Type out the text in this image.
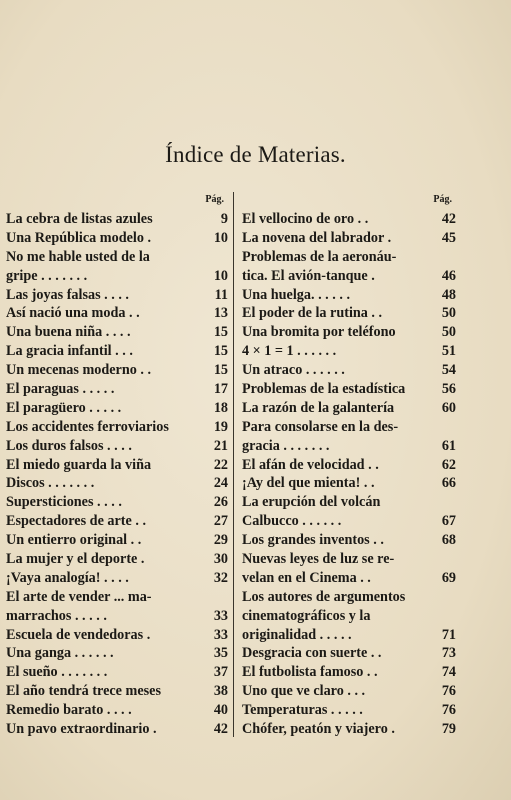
Índice de Materias.
Pág.
La cebra de listas azules	9
Una República modelo .	10
No me hable usted de la
gripe . . . . . . .	10
Las joyas falsas . . . .	11
Así nació una moda . .	13
Una buena niña . . . .	15
La gracia infantil . . .	15
Un mecenas moderno . .	15
El paraguas . . . . .	17
El paragüero . . . . .	18
Los accidentes ferroviarios	19
Los duros falsos . . . .	21
El miedo guarda la viña	22
Discos . . . . . . .	24
Supersticiones . . . .	26
Espectadores de arte . .	27
Un entierro original . .	29
La mujer y el deporte .	30
¡Vaya analogía! . . . .	32
El arte de vender ... ma-
marrachos . . . . .	33
Escuela de vendedoras .	33
Una ganga . . . . . .	35
El sueño . . . . . . .	37
El año tendrá trece meses	38
Remedio barato . . . .	40
Un pavo extraordinario .	42
Pág.
El vellocino de oro . .	42
La novena del labrador .	45
Problemas de la aeronáu-
tica. El avión-tanque .	46
Una huelga. . . . . .	48
El poder de la rutina . .	50
Una bromita por teléfono	50
4 × 1 = 1 . . . . . .	51
Un atraco . . . . . .	54
Problemas de la estadística	56
La razón de la galantería	60
Para consolarse en la des-
gracia . . . . . . .	61
El afán de velocidad . .	62
¡Ay del que mienta! . .	66
La erupción del volcán
Calbucco . . . . . .	67
Los grandes inventos . .	68
Nuevas leyes de luz se re-
velan en el Cinema . .	69
Los autores de argumentos
cinematográficos y la
originalidad . . . . .	71
Desgracia con suerte . .	73
El futbolista famoso . .	74
Uno que ve claro . . .	76
Temperaturas . . . . .	76
Chófer, peatón y viajero .	79
